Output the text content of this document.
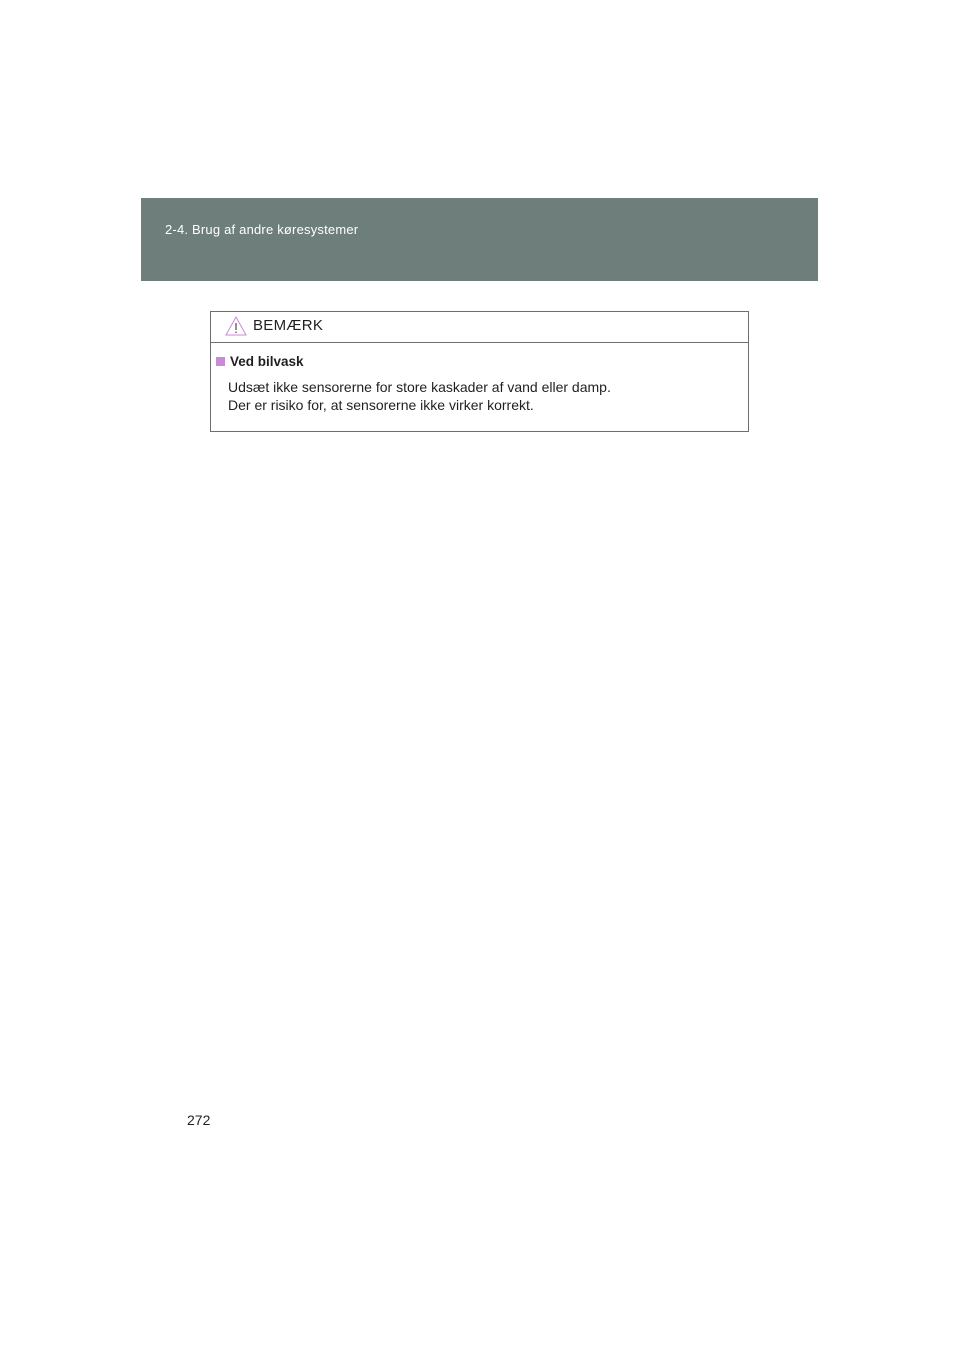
2-4. Brug af andre køresystemer
BEMÆRK
Ved bilvask
Udsæt ikke sensorerne for store kaskader af vand eller damp.
Der er risiko for, at sensorerne ikke virker korrekt.
272
